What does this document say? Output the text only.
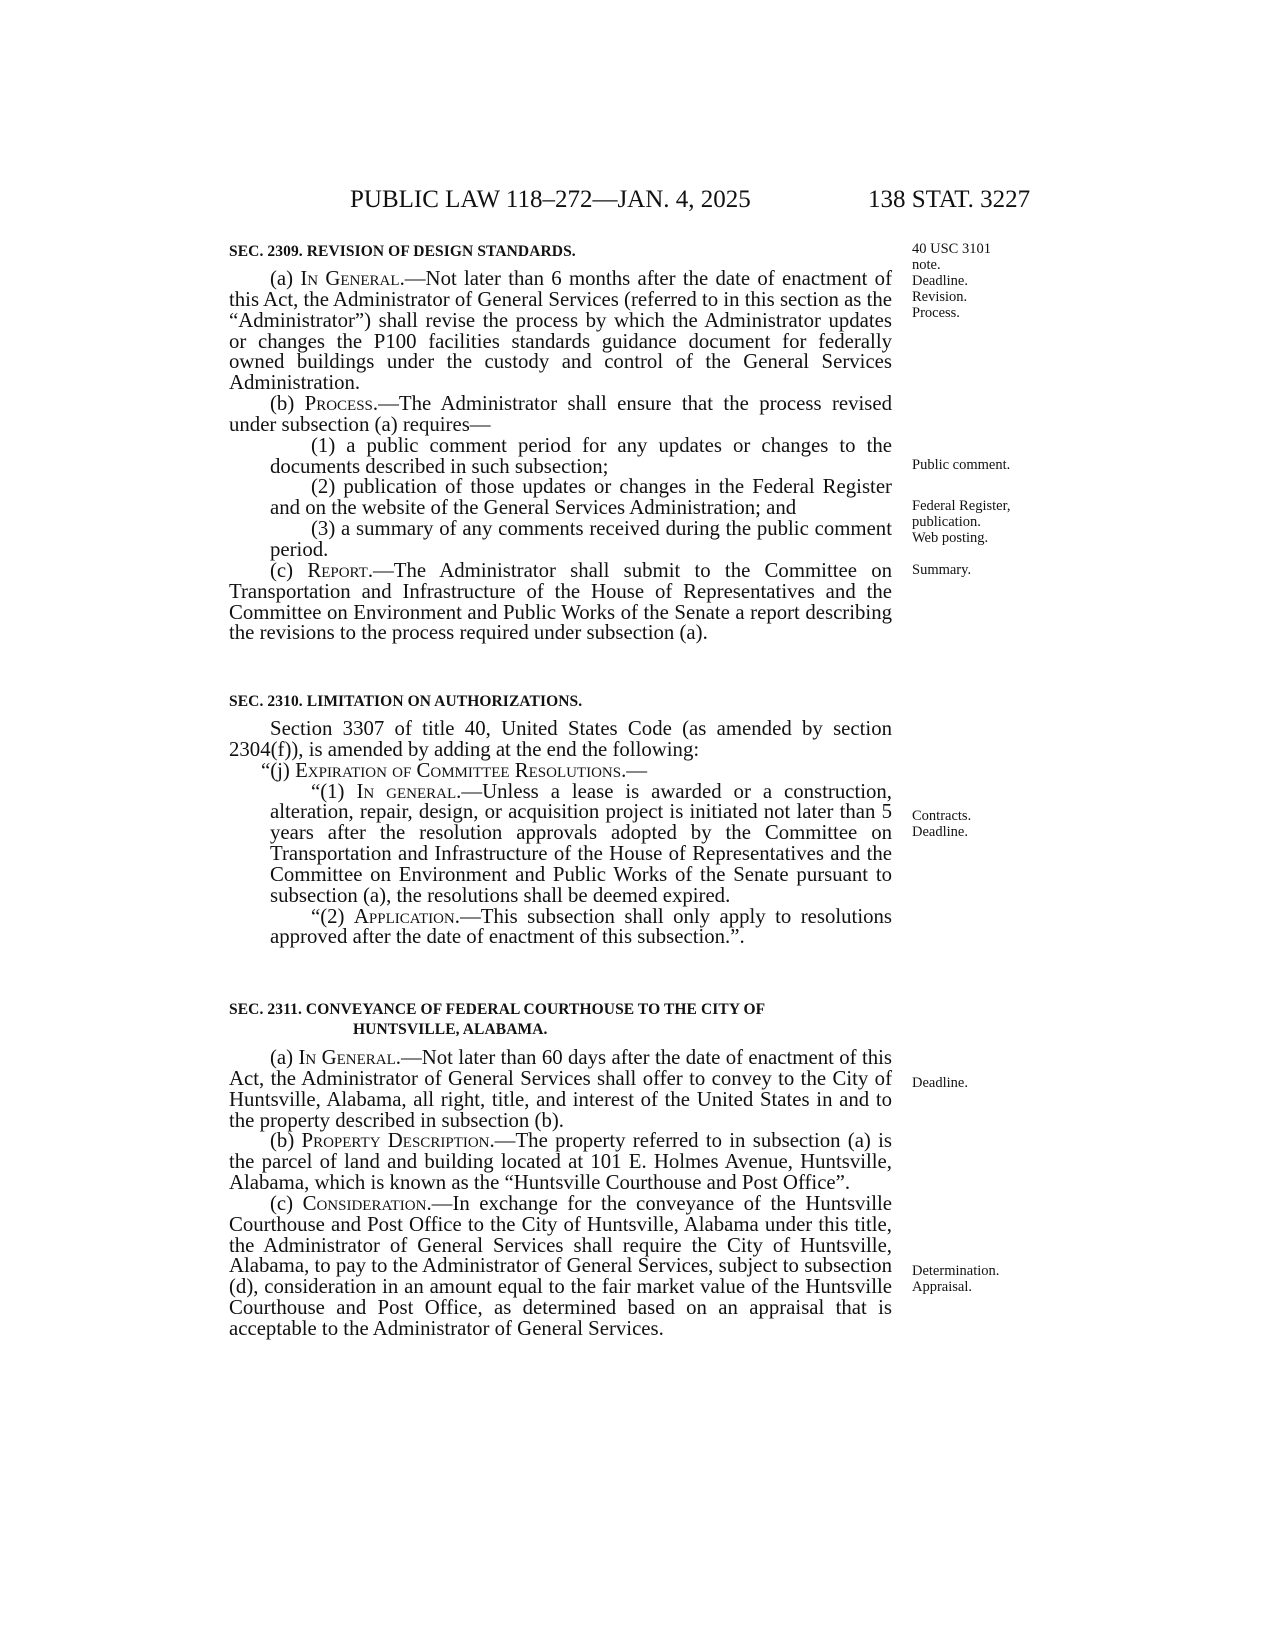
PUBLIC LAW 118–272—JAN. 4, 2025	138 STAT. 3227
SEC. 2309. REVISION OF DESIGN STANDARDS.

(a) In General.—Not later than 6 months after the date of enactment of this Act, the Administrator of General Services (referred to in this section as the “Administrator”) shall revise the process by which the Administrator updates or changes the P100 facilities standards guidance document for federally owned buildings under the custody and control of the General Services Administration.

(b) Process.—The Administrator shall ensure that the process revised under subsection (a) requires—

(1) a public comment period for any updates or changes to the documents described in such subsection;

(2) publication of those updates or changes in the Federal Register and on the website of the General Services Administration; and

(3) a summary of any comments received during the public comment period.

(c) Report.—The Administrator shall submit to the Committee on Transportation and Infrastructure of the House of Representatives and the Committee on Environment and Public Works of the Senate a report describing the revisions to the process required under subsection (a).

SEC. 2310. LIMITATION ON AUTHORIZATIONS.

Section 3307 of title 40, United States Code (as amended by section 2304(f)), is amended by adding at the end the following:

“(j) Expiration of Committee Resolutions.—

“(1) In general.—Unless a lease is awarded or a construction, alteration, repair, design, or acquisition project is initiated not later than 5 years after the resolution approvals adopted by the Committee on Transportation and Infrastructure of the House of Representatives and the Committee on Environment and Public Works of the Senate pursuant to subsection (a), the resolutions shall be deemed expired.

“(2) Application.—This subsection shall only apply to resolutions approved after the date of enactment of this subsection.”.

SEC. 2311. CONVEYANCE OF FEDERAL COURTHOUSE TO THE CITY OF
HUNTSVILLE, ALABAMA.

(a) In General.—Not later than 60 days after the date of enactment of this Act, the Administrator of General Services shall offer to convey to the City of Huntsville, Alabama, all right, title, and interest of the United States in and to the property described in subsection (b).

(b) Property Description.—The property referred to in subsection (a) is the parcel of land and building located at 101 E. Holmes Avenue, Huntsville, Alabama, which is known as the “Huntsville Courthouse and Post Office”.

(c) Consideration.—In exchange for the conveyance of the Huntsville Courthouse and Post Office to the City of Huntsville, Alabama under this title, the Administrator of General Services shall require the City of Huntsville, Alabama, to pay to the Administrator of General Services, subject to subsection (d), consideration in an amount equal to the fair market value of the Huntsville Courthouse and Post Office, as determined based on an appraisal that is acceptable to the Administrator of General Services.

40 USC 3101
note.
Deadline.
Revision.
Process.
Public comment.
Federal Register,
publication.
Web posting.
Summary.
Contracts.
Deadline.
Deadline.
Determination.
Appraisal.
